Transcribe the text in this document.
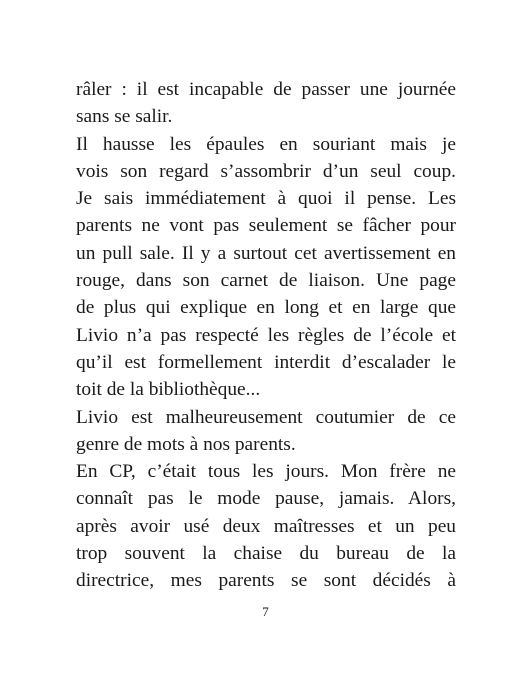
râler : il est incapable de passer une journée
sans se salir.
Il hausse les épaules en souriant mais je
vois son regard s’assombrir d’un seul coup.
Je sais immédiatement à quoi il pense. Les
parents ne vont pas seulement se fâcher pour
un pull sale. Il y a surtout cet avertissement en
rouge, dans son carnet de liaison. Une page
de plus qui explique en long et en large que
Livio n’a pas respecté les règles de l’école et
qu’il est formellement interdit d’escalader le
toit de la bibliothèque...
Livio est malheureusement coutumier de ce
genre de mots à nos parents.
En CP, c’était tous les jours. Mon frère ne
connaît pas le mode pause, jamais. Alors,
après avoir usé deux maîtresses et un peu
trop souvent la chaise du bureau de la
directrice, mes parents se sont décidés à
7
